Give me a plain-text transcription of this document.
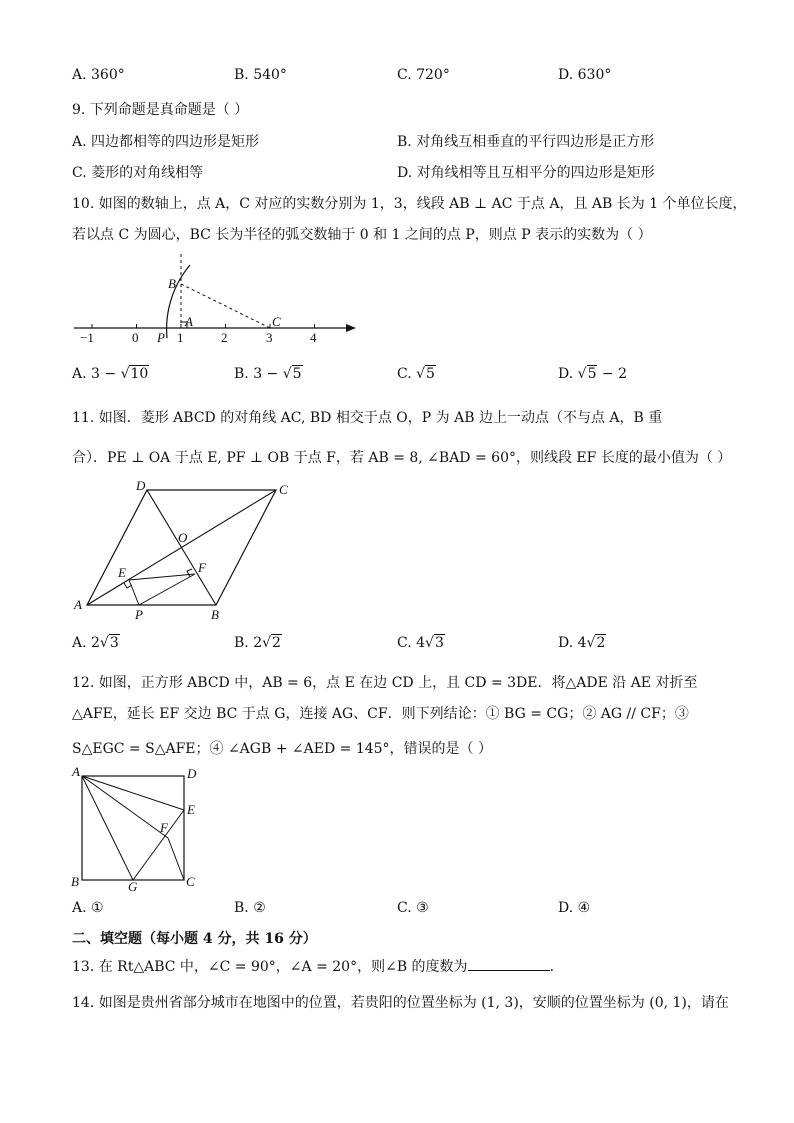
A. 360°	B. 540°	C. 720°	D. 630°
9. 下列命题是真命题是（ ）
A. 四边都相等的四边形是矩形	B. 对角线互相垂直的平行四边形是正方形
C. 菱形的对角线相等	D. 对角线相等且互相平分的四边形是矩形
10. 如图的数轴上，点 A，C 对应的实数分别为 1，3，线段 AB ⊥ AC 于点 A，且 AB 长为 1 个单位长度，
若以点 C 为圆心，BC 长为半径的弧交数轴于 0 和 1 之间的点 P，则点 P 表示的实数为（ ）
B
A	C
P
−1	0	1	2	3	4
A. 3 − √10	B. 3 − √5	C. √5	D. √5 − 2
11. 如图．菱形 ABCD 的对角线 AC, BD 相交于点 O，P 为 AB 边上一动点（不与点 A，B 重
合）．PE ⊥ OA 于点 E, PF ⊥ OB 于点 F，若 AB = 8, ∠BAD = 60°，则线段 EF 长度的最小值为（ ）
D	C
O
E	F
A
P	B
A. 2√3	B. 2√2	C. 4√3	D. 4√2
12. 如图，正方形 ABCD 中，AB = 6，点 E 在边 CD 上，且 CD = 3DE．将△ADE 沿 AE 对折至
△AFE，延长 EF 交边 BC 于点 G，连接 AG、CF．则下列结论：① BG = CG；② AG // CF；③
S△EGC = S△AFE；④ ∠AGB + ∠AED = 145°，错误的是（ ）
A	D
E
F
B	G	C
A. ①	B. ②	C. ③	D. ④
二、填空题（每小题 4 分，共 16 分）
13. 在 Rt△ABC 中，∠C = 90°，∠A = 20°，则∠B 的度数为	.
14. 如图是贵州省部分城市在地图中的位置，若贵阳的位置坐标为 (1, 3)，安顺的位置坐标为 (0, 1)，请在
